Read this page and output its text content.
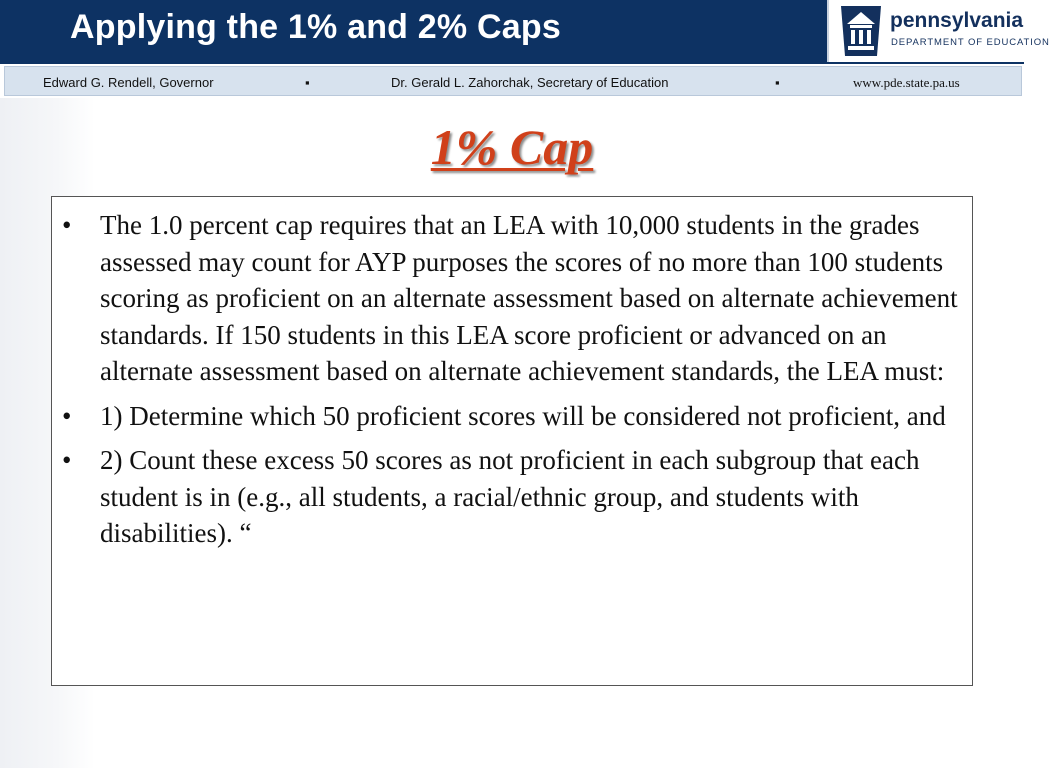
Applying the 1% and 2% Caps	pennsylvania
DEPARTMENT OF EDUCATION
Edward G. Rendell, Governor	▪	Dr. Gerald L. Zahorchak, Secretary of Education	▪	www.pde.state.pa.us
1% Cap
• The 1.0 percent cap requires that an LEA with 10,000 students in the grades assessed may count for AYP purposes the scores of no more than 100 students scoring as proficient on an alternate assessment based on alternate achievement standards. If 150 students in this LEA score proficient or advanced on an alternate assessment based on alternate achievement standards, the LEA must:
• 1) Determine which 50 proficient scores will be considered not proficient, and
• 2) Count these excess 50 scores as not proficient in each subgroup that each student is in (e.g., all students, a racial/ethnic group, and students with disabilities). “
